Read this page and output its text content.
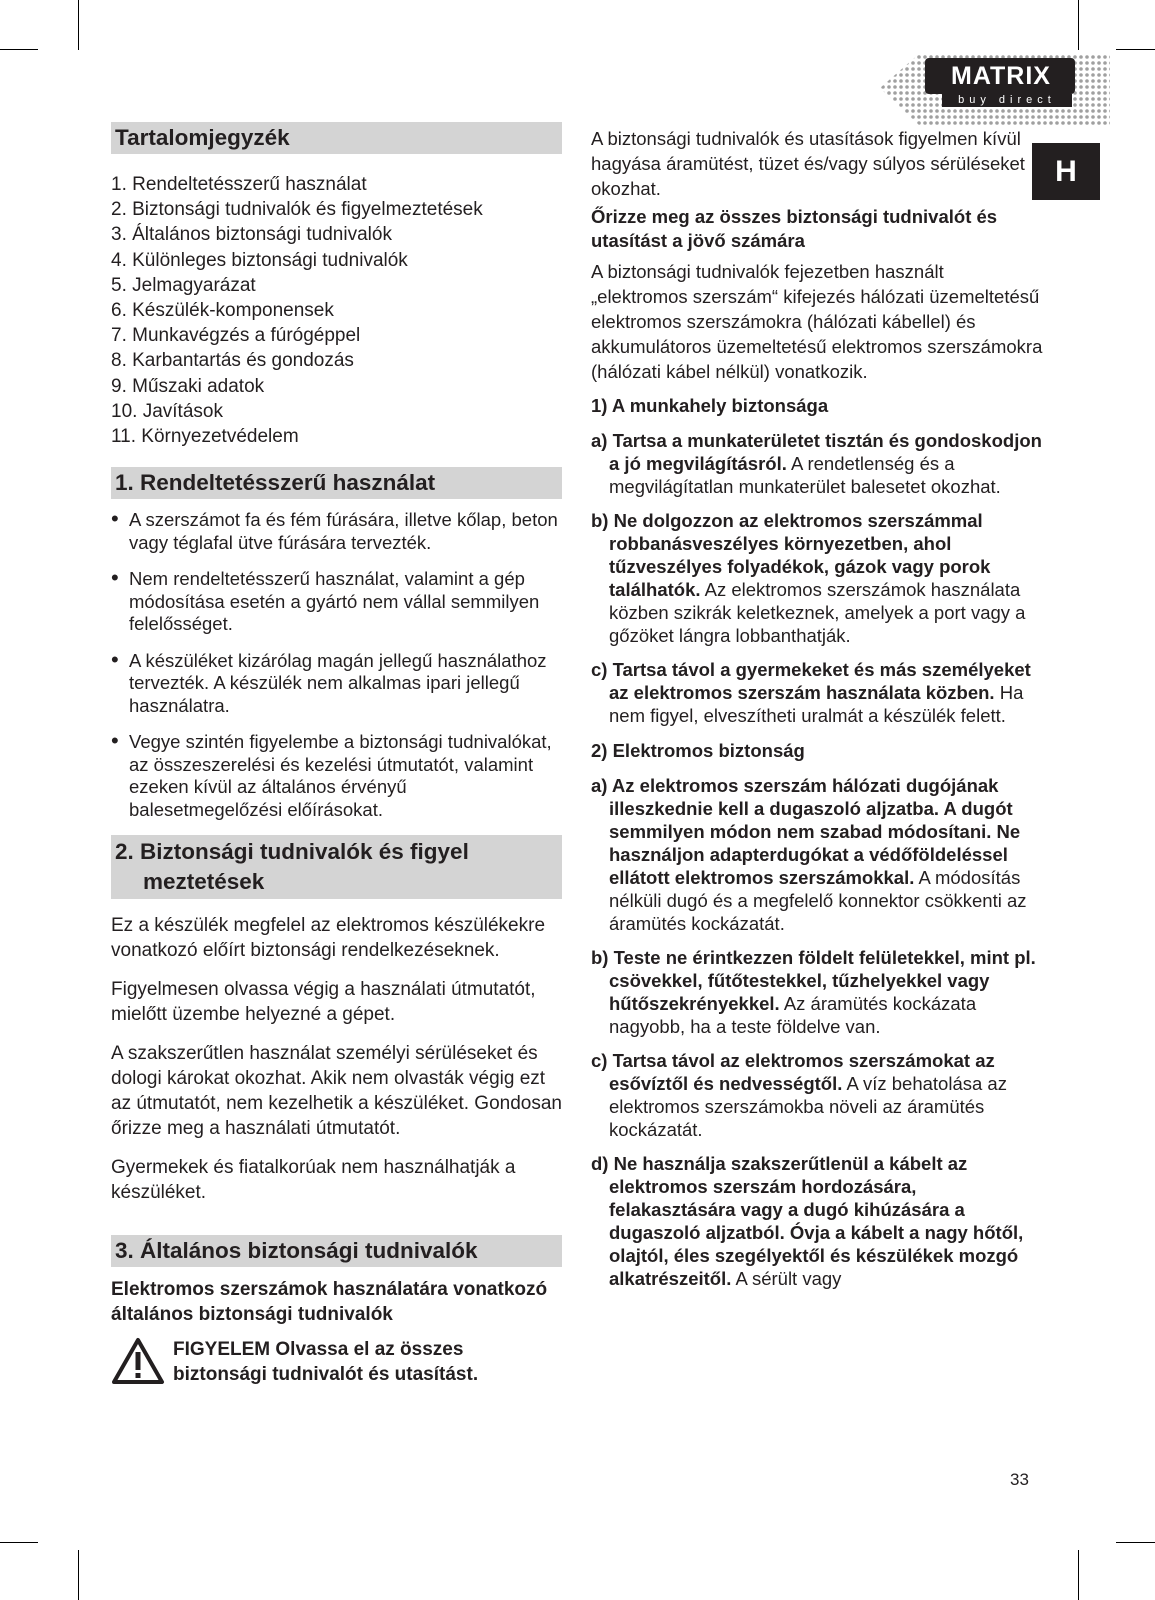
MATRIX
buy direct
H
Tartalomjegyzék
1. Rendeltetésszerű használat
2. Biztonsági tudnivalók és figyelmeztetések
3. Általános biztonsági tudnivalók
4. Különleges biztonsági tudnivalók
5. Jelmagyarázat
6. Készülék-komponensek
7. Munkavégzés a fúrógéppel
8. Karbantartás és gondozás
9. Műszaki adatok
10. Javítások
11. Környezetvédelem
1. Rendeltetésszerű használat
• A szerszámot fa és fém fúrására, illetve kőlap, beton vagy téglafal ütve fúrására tervezték.
• Nem rendeltetésszerű használat, valamint a gép módosítása esetén a gyártó nem vállal semmilyen felelősséget.
• A készüléket kizárólag magán jellegű használathoz tervezték. A készülék nem alkalmas ipari jellegű használatra.
• Vegye szintén figyelembe a biztonsági tudnivalókat, az összeszerelési és kezelési útmutatót, valamint ezeken kívül az általános érvényű balesetmegelőzési előírásokat.
2. Biztonsági tudnivalók és figyel
meztetések

Ez a készülék megfelel az elektromos készülékekre vonatkozó előírt biztonsági rendelkezéseknek.

Figyelmesen olvassa végig a használati útmutatót, mielőtt üzembe helyezné a gépet.

A szakszerűtlen használat személyi sérüléseket és dologi károkat okozhat. Akik nem olvasták végig ezt az útmutatót, nem kezelhetik a készüléket. Gondosan őrizze meg a használati útmutatót.

Gyermekek és fiatalkorúak nem használhatják a készüléket.

3. Általános biztonsági tudnivalók

Elektromos szerszámok használatára vonatkozó általános biztonsági tudnivalók

FIGYELEM Olvassa el az összes biztonsági tudnivalót és utasítást.

A biztonsági tudnivalók és utasítások figyelmen kívül hagyása áramütést, tüzet és/vagy súlyos sérüléseket okozhat.

Őrizze meg az összes biztonsági tudnivalót és utasítást a jövő számára

A biztonsági tudnivalók fejezetben használt „elektromos szerszám“ kifejezés hálózati üzemeltetésű elektromos szerszámokra (hálózati kábellel) és akkumulátoros üzemeltetésű elektromos szerszámokra (hálózati kábel nélkül) vonatkozik.

1) A munkahely biztonsága

a) Tartsa a munkaterületet tisztán és gondoskodjon a jó megvilágításról. A rendetlenség és a megvilágítatlan munkaterület balesetet okozhat.

b) Ne dolgozzon az elektromos szerszámmal robbanásveszélyes környezetben, ahol tűzveszélyes folyadékok, gázok vagy porok találhatók. Az elektromos szerszámok használata közben szikrák keletkeznek, amelyek a port vagy a gőzöket lángra lobbanthatják.

c) Tartsa távol a gyermekeket és más személyeket az elektromos szerszám használata közben. Ha nem figyel, elveszítheti uralmát a készülék felett.

2) Elektromos biztonság

a) Az elektromos szerszám hálózati dugójának illeszkednie kell a dugaszoló aljzatba. A dugót semmilyen módon nem szabad módosítani. Ne használjon adapterdugókat a védőföldeléssel ellátott elektromos szerszámokkal. A módosítás nélküli dugó és a megfelelő konnektor csökkenti az áramütés kockázatát.

b) Teste ne érintkezzen földelt felületekkel, mint pl. csövekkel, fűtőtestekkel, tűzhelyekkel vagy hűtőszekrényekkel. Az áramütés kockázata nagyobb, ha a teste földelve van.

c) Tartsa távol az elektromos szerszámokat az esővíztől és nedvességtől. A víz behatolása az elektromos szerszámokba növeli az áramütés kockázatát.

d) Ne használja szakszerűtlenül a kábelt az elektromos szerszám hordozására, felakasztására vagy a dugó kihúzására a dugaszoló aljzatból. Óvja a kábelt a nagy hőtől, olajtól, éles szegélyektől és készülékek mozgó alkatrészeitől. A sérült vagy

33
